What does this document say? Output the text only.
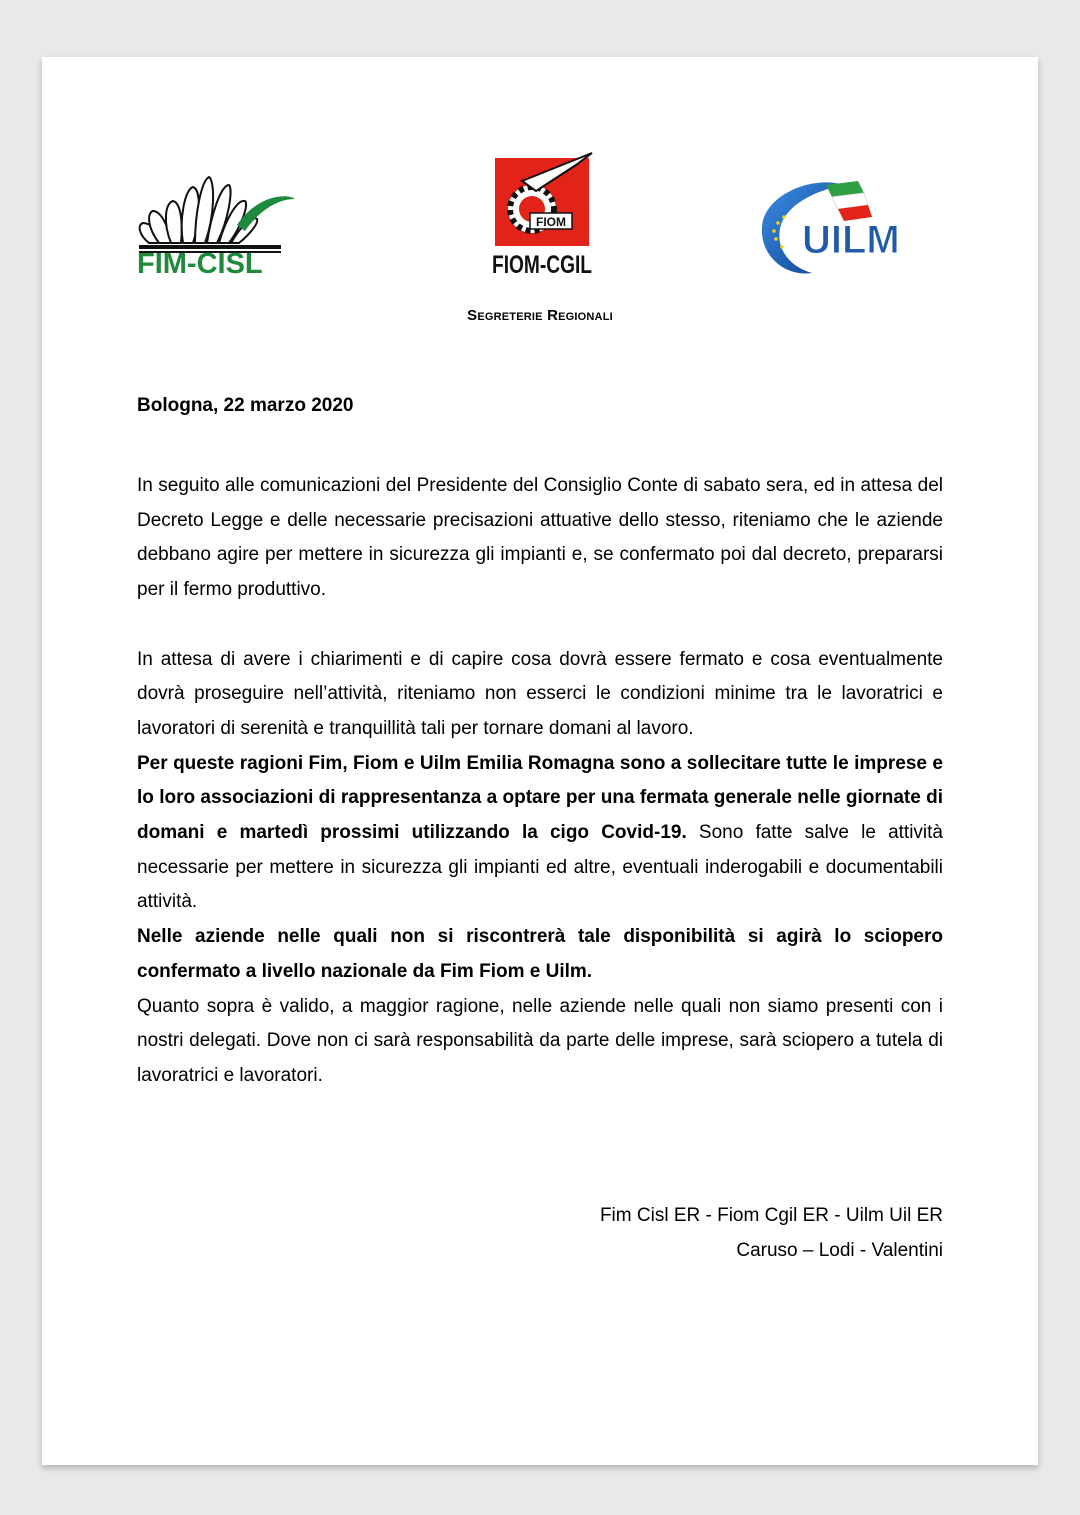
FIM-CISL
FIOM
FIOM-CGIL
UILM
Segreterie Regionali
Bologna, 22 marzo 2020

In seguito alle comunicazioni del Presidente del Consiglio Conte di sabato sera, ed in attesa del Decreto Legge e delle necessarie precisazioni attuative dello stesso, riteniamo che le aziende debbano agire per mettere in sicurezza gli impianti e, se confermato poi dal decreto, prepararsi per il fermo produttivo.

In attesa di avere i chiarimenti e di capire cosa dovrà essere fermato e cosa eventualmente dovrà proseguire nell’attività, riteniamo non esserci le condizioni minime tra le lavoratrici e lavoratori di serenità e tranquillità tali per tornare domani al lavoro.

Per queste ragioni Fim, Fiom e Uilm Emilia Romagna sono a sollecitare tutte le imprese e lo loro associazioni di rappresentanza a optare per una fermata generale nelle giornate di domani e martedì prossimi utilizzando la cigo Covid-19. Sono fatte salve le attività necessarie per mettere in sicurezza gli impianti ed altre, eventuali inderogabili e documentabili attività.

Nelle aziende nelle quali non si riscontrerà tale disponibilità si agirà lo sciopero confermato a livello nazionale da Fim Fiom e Uilm.

Quanto sopra è valido, a maggior ragione, nelle aziende nelle quali non siamo presenti con i nostri delegati. Dove non ci sarà responsabilità da parte delle imprese, sarà sciopero a tutela di lavoratrici e lavoratori.

Fim Cisl ER - Fiom Cgil ER - Uilm Uil ER
Caruso – Lodi - Valentini
